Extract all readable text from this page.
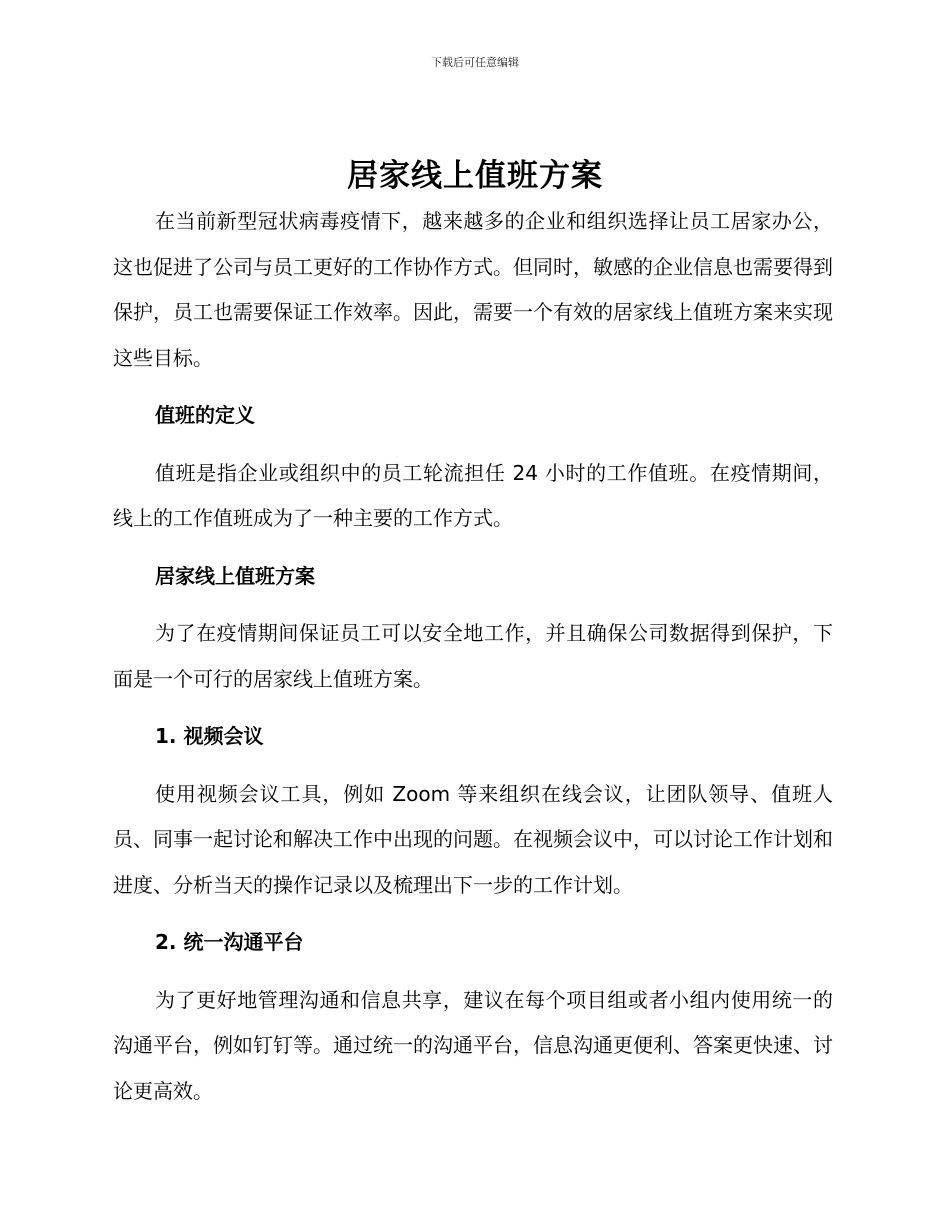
下载后可任意编辑
居家线上值班方案

在当前新型冠状病毒疫情下，越来越多的企业和组织选择让员工居家办公，这也促进了公司与员工更好的工作协作方式。但同时，敏感的企业信息也需要得到保护，员工也需要保证工作效率。因此，需要一个有效的居家线上值班方案来实现这些目标。

值班的定义

值班是指企业或组织中的员工轮流担任 24 小时的工作值班。在疫情期间，线上的工作值班成为了一种主要的工作方式。

居家线上值班方案

为了在疫情期间保证员工可以安全地工作，并且确保公司数据得到保护，下面是一个可行的居家线上值班方案。

1. 视频会议

使用视频会议工具，例如 Zoom 等来组织在线会议，让团队领导、值班人员、同事一起讨论和解决工作中出现的问题。在视频会议中，可以讨论工作计划和进度、分析当天的操作记录以及梳理出下一步的工作计划。

2. 统一沟通平台

为了更好地管理沟通和信息共享，建议在每个项目组或者小组内使用统一的沟通平台，例如钉钉等。通过统一的沟通平台，信息沟通更便利、答案更快速、讨论更高效。
